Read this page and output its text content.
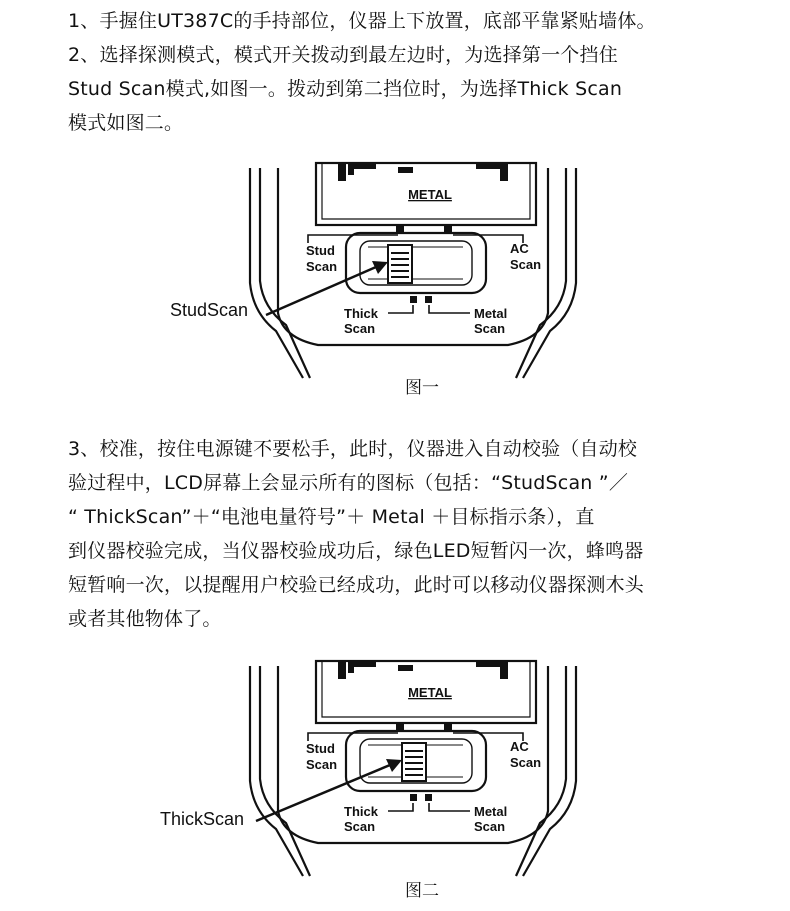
1、手握住UT387C的手持部位，仪器上下放置，底部平靠紧贴墙体。
2、选择探测模式，模式开关拨动到最左边时，为选择第一个挡住
Stud Scan模式,如图一。拨动到第二挡位时，为选择Thick Scan
模式如图二。
METAL
Stud
Scan
AC
Scan
Thick
Scan
Metal
Scan
StudScan
图一
3、校准，按住电源键不要松手，此时，仪器进入自动校验（自动校
验过程中，LCD屏幕上会显示所有的图标（包括：“StudScan ”／
“ ThickScan”＋“电池电量符号”＋ Metal ＋目标指示条），直
到仪器校验完成，当仪器校验成功后，绿色LED短暂闪一次，蜂鸣器
短暂响一次，以提醒用户校验已经成功，此时可以移动仪器探测木头
或者其他物体了。
METAL
Stud
Scan
AC
Scan
Thick
Scan
Metal
Scan
ThickScan
图二
